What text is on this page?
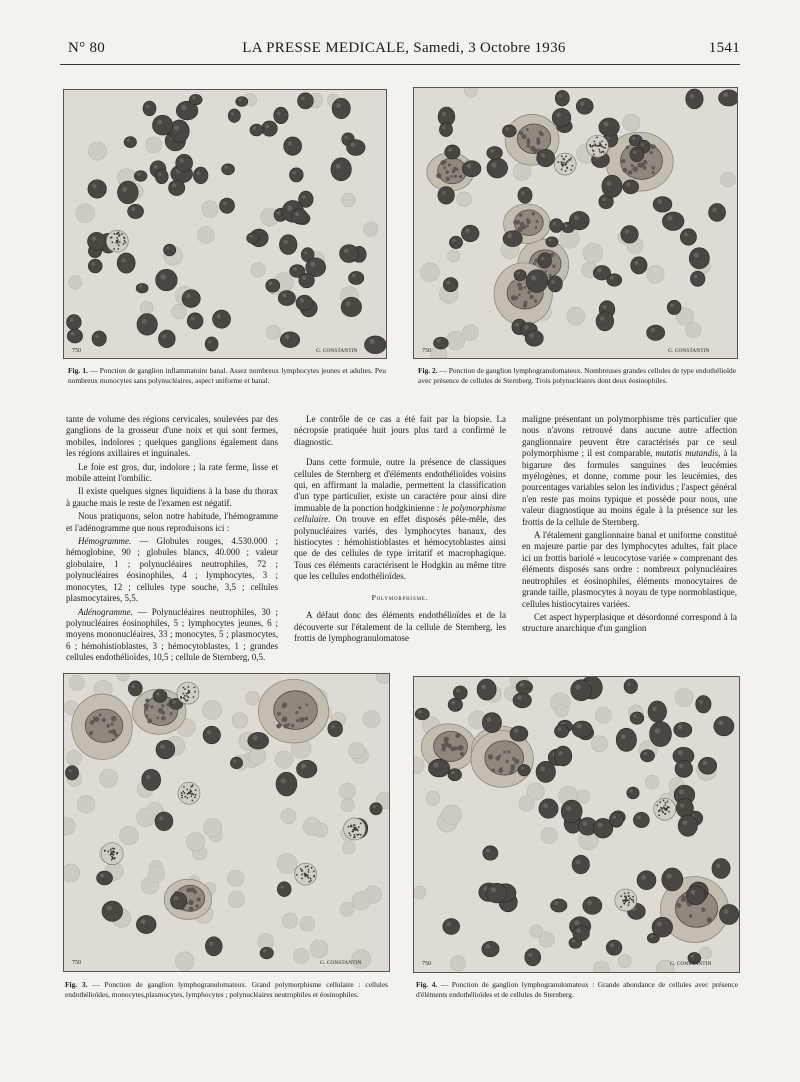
N° 80	LA PRESSE MEDICALE, Samedi, 3 Octobre 1936	1541
750	G. CONSTANTIN
Fig. 1. — Ponction de ganglion inflammatoire banal. Assez nombreux lymphocytes jeunes et adultes. Peu nombreux monocytes sans polynucléaires, aspect uniforme et banal.
750	G. CONSTANTIN
Fig. 2. — Ponction de ganglion lymphogranulomateux. Nombreuses grandes cellules de type endothélioïde avec présence de cellules de Sternberg. Trois polynucléaires dont deux éosinophiles.

tante de volume des régions cervicales, soulevées par des ganglions de la grosseur d'une noix et qui sont fermes, mobiles, indolores ; quelques ganglions également dans les régions axillaires et inguinales.

Le foie est gros, dur, indolore ; la rate ferme, lisse et mobile atteint l'ombilic.

Il existe quelques signes liquidiens à la base du thorax à gauche mais le reste de l'examen est négatif.

Nous pratiquons, selon notre habitude, l'hémogramme et l'adénogramme que nous reproduisons ici :

Hémogramme. — Globules rouges, 4.530.000 ; hémoglobine, 90 ; globules blancs, 40.000 ; valeur globulaire, 1 ; polynucléaires neutrophiles, 72 ; polynucléaires éosinophiles, 4 ; lymphocytes, 3 ; monocytes, 12 ; cellules type souche, 3,5 ; cellules plasmocytaires, 5,5.

Adénogramme. — Polynucléaires neutrophiles, 30 ; polynucléaires éosinophiles, 5 ; lymphocytes jeunes, 6 ; moyens mononucléaires, 33 ; monocytes, 5 ; plasmocytes, 6 ; hémohistioblastes, 3 ; hémocytoblastes, 1 ; grandes cellules endothélioïdes, 10,5 ; cellule de Sternberg, 0,5.

Le contrôle de ce cas a été fait par la biopsie. La nécropsie pratiquée huit jours plus tard a confirmé le diagnostic.

Dans cette formule, outre la présence de classiques cellules de Sternberg et d'éléments endothélioïdes voisins qui, en affirmant la maladie, permettent la classification d'un type particulier, existe un caractère pour ainsi dire immuable de la ponction hodgkinienne : le polymorphisme cellulaire. On trouve en effet disposés pêle-mêle, des polynucléaires variés, des lymphocytes banaux, des histiocytes : hémohistioblastes et hémocytoblastes ainsi que de des cellules de type irritatif et macrophagique. Tous ces éléments caractérisent le Hodgkin au même titre que les cellules endothélioïdes.

Polymorphisme.

A défaut donc des éléments endothélioïdes et de la découverte sur l'étalement de la cellule de Sternberg, les frottis de lymphogranulomatose

maligne présentant un polymorphisme très particulier que nous n'avons retrouvé dans aucune autre affection ganglionnaire peuvent être caractérisés par ce seul polymorphisme ; il est comparable, mutatis mutandis, à la bigarure des formules sanguines des leucémies myélogènes, et donne, comme pour les leucémies, des pourcentages variables selon les individus ; l'aspect général n'en reste pas moins typique et possède pour nous, une valeur diagnostique au moins égale à la présence sur les frottis de la cellule de Sternberg.

A l'étalement ganglionnaire banal et uniforme constitué en majeure partie par des lymphocytes adultes, fait place ici un frottis bariolé « leucocytose variée » comprenant des éléments disposés sans ordre : nombreux polynucléaires neutrophiles et éosinophiles, éléments monocytaires de grande taille, plasmocytes à noyau de type normoblastique, cellules histiocytaires variées.

Cet aspect hyperplasique et désordonné correspond à la structure anarchique d'un ganglion

750	G. CONSTANTIN
Fig. 3. — Ponction de ganglion lymphogranulomateux. Grand polymorphisme cellulaire : cellules endothélioïdes, monocytes,plasmocytes, lymphocytes ; polynucléaires neutrophiles et éosinophiles.
750	G. CONSTANTIN
Fig. 4. — Ponction de ganglion lymphogranulomateux : Grande abondance de cellules avec présence d'éléments endothélioïdes et de cellules de Sternberg.
